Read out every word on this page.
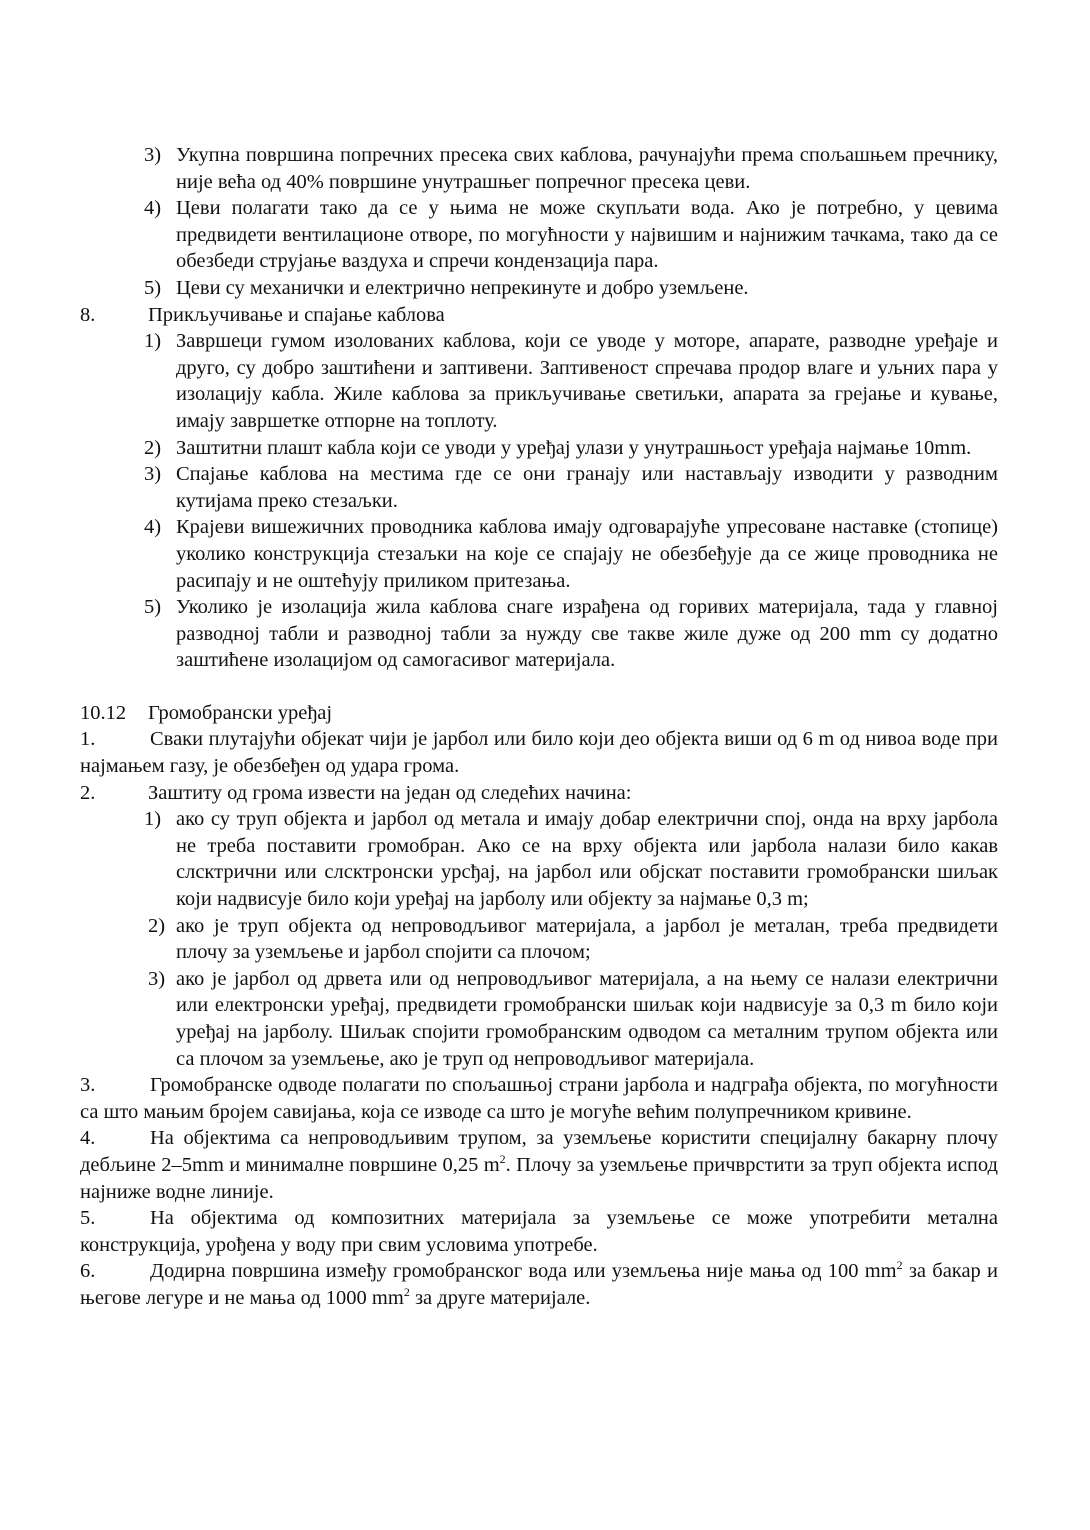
3) Укупна површина попречних пресека свих каблова, рачунајући према спољашњем пречнику, није већа од 40% површине унутрашњег попречног пресека цеви.
4) Цеви полагати тако да се у њима не може скупљати вода. Ако је потребно, у цевима предвидети вентилационе отворе, по могућности у највишим и најнижим тачкама, тако да се обезбеди струјање ваздуха и спречи кондензација пара.
5) Цеви су механички и електрично непрекинуте и добро уземљене.
8.	Прикључивање и спајање каблова
1) Завршеци гумом изолованих каблова, који се уводе у моторе, апарате, разводне уређаје и друго, су добро заштићени и заптивени. Заптивеност спречава продор влаге и уљних пара у изолацију кабла. Жиле каблова за прикључивање светиљки, апарата за грејање и кување, имају завршетке отпорне на топлоту.
2) Заштитни плашт кабла који се уводи у уређај улази у унутрашњост уређаја најмање 10mm.
3) Спајање каблова на местима где се они гранају или настављају изводити у разводним кутијама преко стезаљки.
4) Крајеви вишежичних проводника каблова имају одговарајуће упресоване наставке (стопице) уколико конструкција стезаљки на које се спајају не обезбеђује да се жице проводника не расипају и не оштећују приликом притезања.
5) Уколико је изолација жила каблова снаге израђена од горивих материјала, тада у главној разводној табли и разводној табли за нужду све такве жиле дуже од 200 mm су додатно заштићене изолацијом од самогасивог материјала.
10.12 Громобрански уређај
1.	Сваки плутајући објекат чији је јарбол или било који део објекта виши од 6 m од нивоа воде при најмањем газу, је обезбеђен од удара грома.
2.	Заштиту од грома извести на један од следећих начина:
1) ако су труп објекта и јарбол од метала и имају добар електрични спој, онда на врху јарбола не треба поставити громобран. Ако се на врху објекта или јарбола налази било какав слсктрични или слсктронски урсђај, на јарбол или објскат поставити громобрански шиљак који надвисује било који уређај на јарболу или објекту за најмање 0,3 m;
2) ако је труп објекта од непроводљивог материјала, а јарбол је металан, треба предвидети плочу за уземљење и јарбол спојити са плочом;
3) ако је јарбол од дрвета или од непроводљивог материјала, а на њему се налази електрични или електронски уређај, предвидети громобрански шиљак који надвисује за 0,3 m било који уређај на јарболу. Шиљак спојити громобранским одводом са металним трупом објекта или са плочом за уземљење, ако је труп од непроводљивог материјала.
3.	Громобранске одводе полагати по спољашњој страни јарбола и надграђа објекта, по могућности са што мањим бројем савијања, која се изводе са што је могуће већим полупречником кривине.
4.	На објектима са непроводљивим трупом, за уземљење користити специјалну бакарну плочу дебљине 2–5mm и минималне површине 0,25 $m^2$. Плочу за уземљење причврстити за труп објекта испод најниже водне линије.
5.	На објектима од композитних материјала за уземљење се може употребити метална конструкција, урођена у воду при свим условима употребе.
6.	Додирна површина између громобранског вода или уземљења није мања од 100 $mm^2$ за бакар и његове легуре и не мања од 1000 $mm^2$ за друге материјале.
